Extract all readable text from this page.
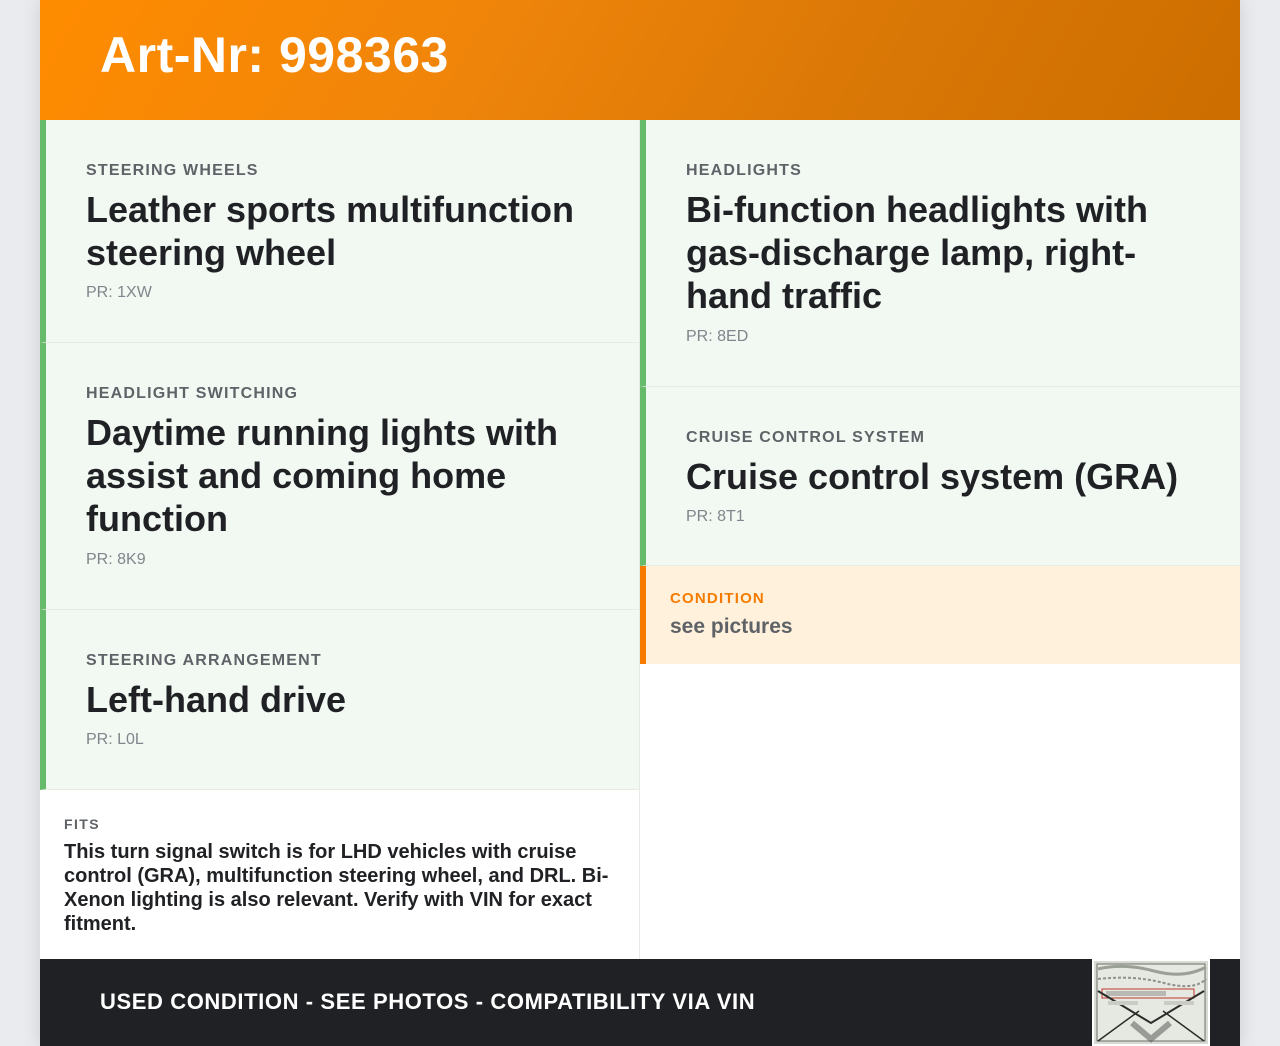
Art-Nr: 998363
STEERING WHEELS
Leather sports multifunction steering wheel
PR: 1XW
HEADLIGHT SWITCHING
Daytime running lights with assist and coming home function
PR: 8K9
STEERING ARRANGEMENT
Left-hand drive
PR: L0L
FITS
This turn signal switch is for LHD vehicles with cruise control (GRA), multifunction steering wheel, and DRL. Bi-Xenon lighting is also relevant. Verify with VIN for exact fitment.
HEADLIGHTS
Bi-function headlights with gas-discharge lamp, right-hand traffic
PR: 8ED
CRUISE CONTROL SYSTEM
Cruise control system (GRA)
PR: 8T1
CONDITION
see pictures
USED CONDITION - SEE PHOTOS - COMPATIBILITY VIA VIN
